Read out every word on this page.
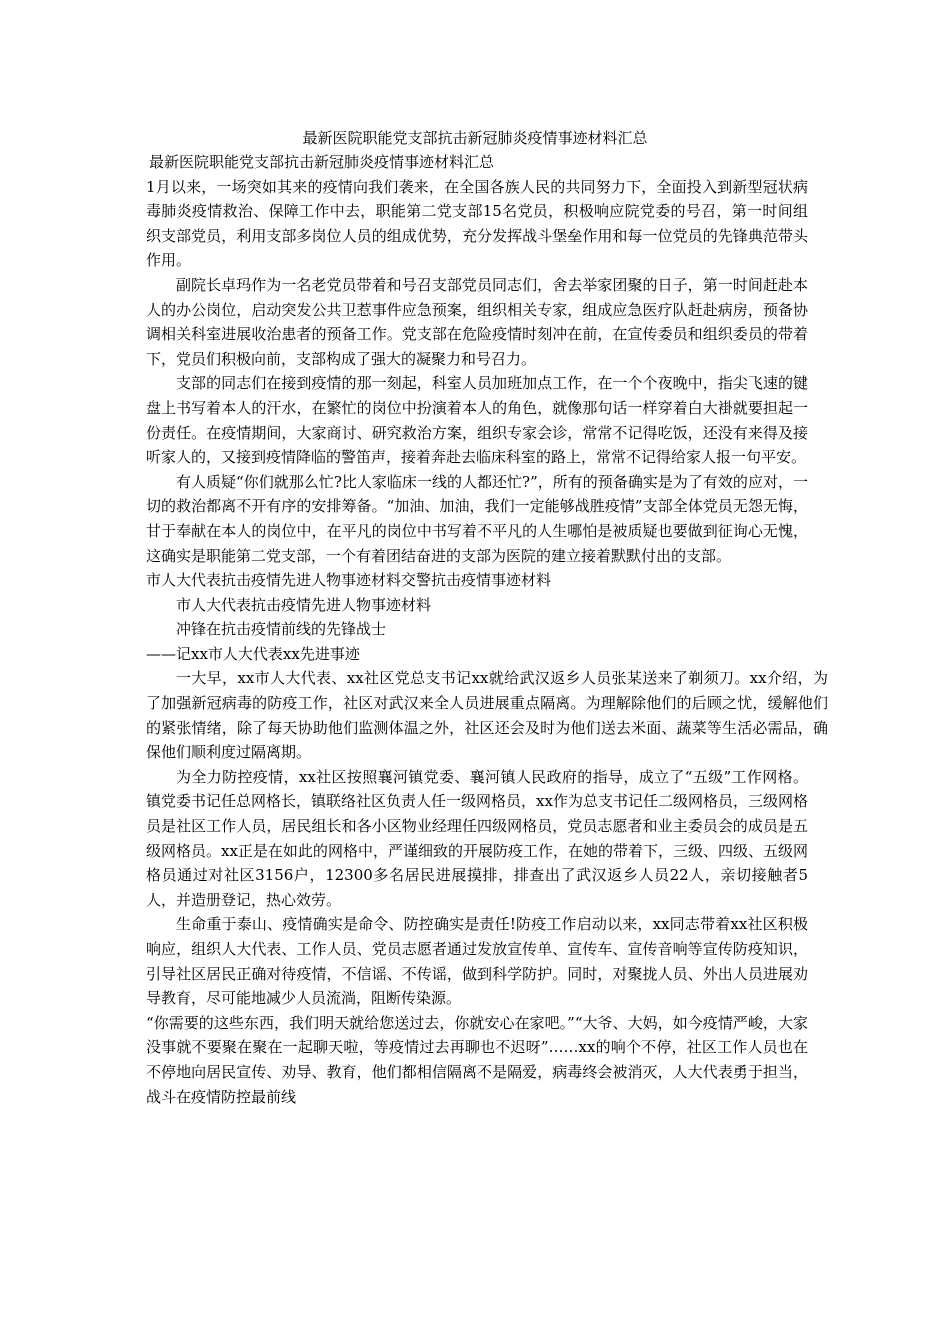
最新医院职能党支部抗击新冠肺炎疫情事迹材料汇总

最新医院职能党支部抗击新冠肺炎疫情事迹材料汇总

1月以来，一场突如其来的疫情向我们袭来，在全国各族人民的共同努力下，全面投入到新型冠状病毒肺炎疫情救治、保障工作中去，职能第二党支部15名党员，积极响应院党委的号召，第一时间组织支部党员，利用支部多岗位人员的组成优势，充分发挥战斗堡垒作用和每一位党员的先锋典范带头作用。

副院长卓玛作为一名老党员带着和号召支部党员同志们，舍去举家团聚的日子，第一时间赶赴本人的办公岗位，启动突发公共卫惹事件应急预案，组织相关专家，组成应急医疗队赶赴病房，预备协调相关科室进展收治患者的预备工作。党支部在危险疫情时刻冲在前，在宣传委员和组织委员的带着下，党员们积极向前，支部构成了强大的凝聚力和号召力。

支部的同志们在接到疫情的那一刻起，科室人员加班加点工作，在一个个夜晚中，指尖飞速的键盘上书写着本人的汗水，在繁忙的岗位中扮演着本人的角色，就像那句话一样穿着白大褂就要担起一份责任。在疫情期间，大家商讨、研究救治方案，组织专家会诊，常常不记得吃饭，还没有来得及接听家人的，又接到疫情降临的警笛声，接着奔赴去临床科室的路上，常常不记得给家人报一句平安。

有人质疑“你们就那么忙?比人家临床一线的人都还忙?”，所有的预备确实是为了有效的应对，一切的救治都离不开有序的安排筹备。“加油、加油，我们一定能够战胜疫情”支部全体党员无怨无悔，甘于奉献在本人的岗位中，在平凡的岗位中书写着不平凡的人生哪怕是被质疑也要做到征询心无愧，这确实是职能第二党支部，一个有着团结奋进的支部为医院的建立接着默默付出的支部。

市人大代表抗击疫情先进人物事迹材料交警抗击疫情事迹材料

市人大代表抗击疫情先进人物事迹材料

冲锋在抗击疫情前线的先锋战士

——记xx市人大代表xx先进事迹

一大早，xx市人大代表、xx社区党总支书记xx就给武汉返乡人员张某送来了剃须刀。xx介绍，为了加强新冠病毒的防疫工作，社区对武汉来全人员进展重点隔离。为理解除他们的后顾之忧，缓解他们的紧张情绪，除了每天协助他们监测体温之外，社区还会及时为他们送去米面、蔬菜等生活必需品，确保他们顺利度过隔离期。

为全力防控疫情，xx社区按照襄河镇党委、襄河镇人民政府的指导，成立了“五级”工作网格。镇党委书记任总网格长，镇联络社区负责人任一级网格员，xx作为总支书记任二级网格员，三级网格员是社区工作人员，居民组长和各小区物业经理任四级网格员，党员志愿者和业主委员会的成员是五级网格员。xx正是在如此的网格中，严谨细致的开展防疫工作，在她的带着下，三级、四级、五级网格员通过对社区3156户，12300多名居民进展摸排，排查出了武汉返乡人员22人，亲切接触者5人，并造册登记，热心效劳。

生命重于泰山、疫情确实是命令、防控确实是责任!防疫工作启动以来，xx同志带着xx社区积极响应，组织人大代表、工作人员、党员志愿者通过发放宣传单、宣传车、宣传音响等宣传防疫知识，引导社区居民正确对待疫情，不信谣、不传谣，做到科学防护。同时，对聚拢人员、外出人员进展劝导教育，尽可能地减少人员流淌，阻断传染源。

“你需要的这些东西，我们明天就给您送过去，你就安心在家吧。”“大爷、大妈，如今疫情严峻，大家没事就不要聚在聚在一起聊天啦，等疫情过去再聊也不迟呀”……xx的响个不停，社区工作人员也在不停地向居民宣传、劝导、教育，他们都相信隔离不是隔爱，病毒终会被消灭，人大代表勇于担当，战斗在疫情防控最前线
